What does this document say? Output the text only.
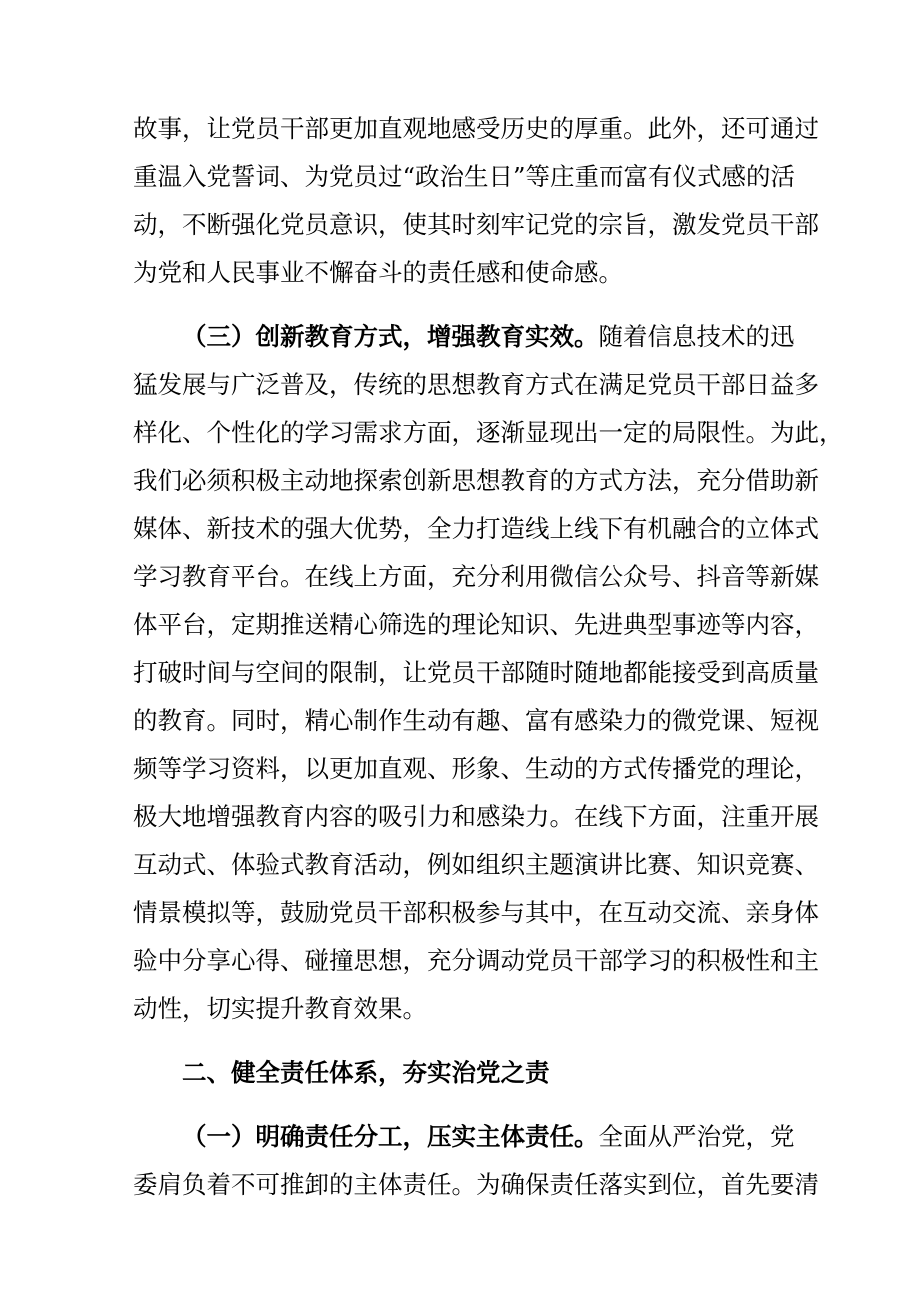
故事，让党员干部更加直观地感受历史的厚重。此外，还可通过
重温入党誓词、为党员过“政治生日”等庄重而富有仪式感的活
动，不断强化党员意识，使其时刻牢记党的宗旨，激发党员干部
为党和人民事业不懈奋斗的责任感和使命感。
（三）创新教育方式，增强教育实效。随着信息技术的迅
猛发展与广泛普及，传统的思想教育方式在满足党员干部日益多
样化、个性化的学习需求方面，逐渐显现出一定的局限性。为此，
我们必须积极主动地探索创新思想教育的方式方法，充分借助新
媒体、新技术的强大优势，全力打造线上线下有机融合的立体式
学习教育平台。在线上方面，充分利用微信公众号、抖音等新媒
体平台，定期推送精心筛选的理论知识、先进典型事迹等内容，
打破时间与空间的限制，让党员干部随时随地都能接受到高质量
的教育。同时，精心制作生动有趣、富有感染力的微党课、短视
频等学习资料，以更加直观、形象、生动的方式传播党的理论，
极大地增强教育内容的吸引力和感染力。在线下方面，注重开展
互动式、体验式教育活动，例如组织主题演讲比赛、知识竞赛、
情景模拟等，鼓励党员干部积极参与其中，在互动交流、亲身体
验中分享心得、碰撞思想，充分调动党员干部学习的积极性和主
动性，切实提升教育效果。
二、健全责任体系，夯实治党之责
（一）明确责任分工，压实主体责任。全面从严治党，党
委肩负着不可推卸的主体责任。为确保责任落实到位，首先要清
